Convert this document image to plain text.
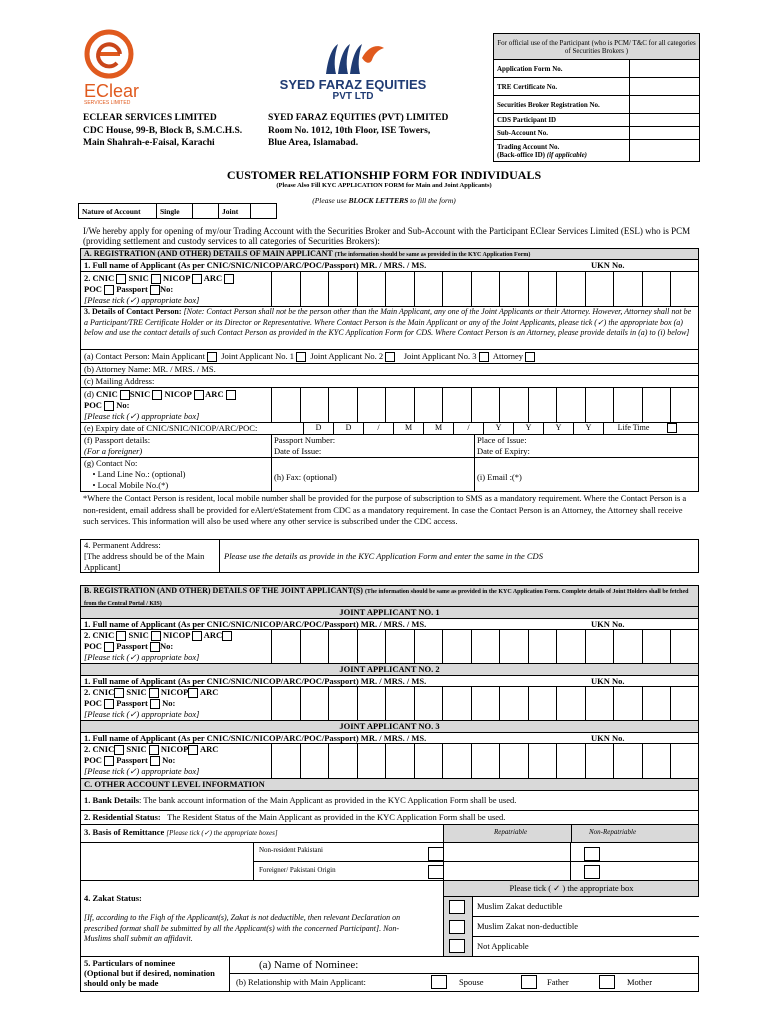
EClear
SERVICES LIMITED
SYED FARAZ EQUITIES
PVT LTD
ECLEAR SERVICES LIMITED
CDC House, 99-B, Block B, S.M.C.H.S.
Main Shahrah-e-Faisal, Karachi
SYED FARAZ EQUITIES (PVT) LIMITED
Room No. 1012, 10th Floor, ISE Towers,
Blue Area, Islamabad.
For official use of the Participant (who is PCM/ T&C for all categories of Securities Brokers )	
Application Form No.	
TRE Certificate No.	
Securities Broker Registration No.	
CDS Participant ID	
Sub-Account No.	
Trading Account No.
(Back-office ID) (if applicable)	
CUSTOMER RELATIONSHIP FORM FOR INDIVIDUALS
(Please Also Fill KYC APPLICATION FORM for Main and Joint Applicants)
(Please use BLOCK LETTERS to fill the form)
Nature of Account	Single		Joint	
I/We hereby apply for opening of my/our Trading Account with the Securities Broker and Sub-Account with the Participant EClear Services Limited (ESL) who is PCM (providing settlement and custody services to all categories of Securities Brokers):
A. REGISTRATION (AND OTHER) DETAILS OF MAIN APPLICANT (The information should be same as provided in the KYC Application Form)
1. Full name of Applicant (As per CNIC/SNIC/NICOP/ARC/POC/Passport) MR. / MRS. / MS.	UKN No.
2. CNIC SNIC NICOP ARC
POC Passport No:
[Please tick (✓) appropriate box]
3. Details of Contact Person: [Note: Contact Person shall not be the person other than the Main Applicant, any one of the Joint Applicants or their Attorney. However, Attorney shall not be a Participant/TRE Certificate Holder or its Director or Representative. Where Contact Person is the Main Applicant or any of the Joint Applicants, please tick (✓) the appropriate box (a) below and use the contact details of such Contact Person as provided in the KYC Application Form for CDS. Where Contact Person is an Attorney, please provide details in (a) to (i) below]
(a) Contact Person: Main Applicant Joint Applicant No. 1 Joint Applicant No. 2 Joint Applicant No. 3 Attorney
(b) Attorney Name: MR. / MRS. / MS.
(c) Mailing Address:
(d) CNIC SNIC NICOP ARC
POC No:
[Please tick (✓) appropriate box]
(e) Expiry date of CNIC/SNIC/NICOP/ARC/POC:	D	D	/	M	M	/	Y	Y	Y	Y	Life Time
(f) Passport details:
(For a foreigner)
Passport Number:
Date of Issue:
Place of Issue:
Date of Expiry:
(g) Contact No:
• Land Line No.: (optional)
• Local Mobile No.(*)
(h) Fax: (optional)	(i) Email :(*)
*Where the Contact Person is resident, local mobile number shall be provided for the purpose of subscription to SMS as a mandatory requirement. Where the Contact Person is a non-resident, email address shall be provided for eAlert/eStatement from CDC as a mandatory requirement. In case the Contact Person is an Attorney, the Attorney shall receive such services. This information will also be used where any other service is subscribed under the CDC access.
4. Permanent Address:
[The address should be of the Main Applicant]
Please use the details as provide in the KYC Application Form and enter the same in the CDS
B. REGISTRATION (AND OTHER) DETAILS OF THE JOINT APPLICANT(S) (The information should be same as provided in the KYC Application Form. Complete details of Joint Holders shall be fetched from the Central Portal / KIS)
JOINT APPLICANT NO. 1
1. Full name of Applicant (As per CNIC/SNIC/NICOP/ARC/POC/Passport) MR. / MRS. / MS.	UKN No.
2. CNIC SNIC NICOP ARC
POC Passport No:
[Please tick (✓) appropriate box]
JOINT APPLICANT NO. 2
1. Full name of Applicant (As per CNIC/SNIC/NICOP/ARC/POC/Passport) MR. / MRS. / MS.	UKN No.
2. CNIC SNIC NICOP ARC
POC Passport No:
[Please tick (✓) appropriate box]
JOINT APPLICANT NO. 3
1. Full name of Applicant (As per CNIC/SNIC/NICOP/ARC/POC/Passport) MR. / MRS. / MS.	UKN No.
2. CNIC SNIC NICOP ARC
POC Passport No:
[Please tick (✓) appropriate box]
C. OTHER ACCOUNT LEVEL INFORMATION
1. Bank Details: The bank account information of the Main Applicant as provided in the KYC Application Form shall be used.
2. Residential Status: The Resident Status of the Main Applicant as provided in the KYC Application Form shall be used.
3. Basis of Remittance [Please tick (✓) the appropriate boxes]	Repatriable	Non-Repatriable
Non-resident Pakistani
Foreigner/ Pakistani Origin
4. Zakat Status:
[If, according to the Fiqh of the Applicant(s), Zakat is not deductible, then relevant Declaration on prescribed format shall be submitted by all the Applicant(s) with the concerned Participant]. Non-Muslims shall submit an affidavit.
Please tick ( ✓ ) the appropriate box
Muslim Zakat deductible
Muslim Zakat non-deductible
Not Applicable
5. Particulars of nominee
(Optional but if desired, nomination should only be made
(a) Name of Nominee:
(b) Relationship with Main Applicant:	Spouse	Father	Mother
